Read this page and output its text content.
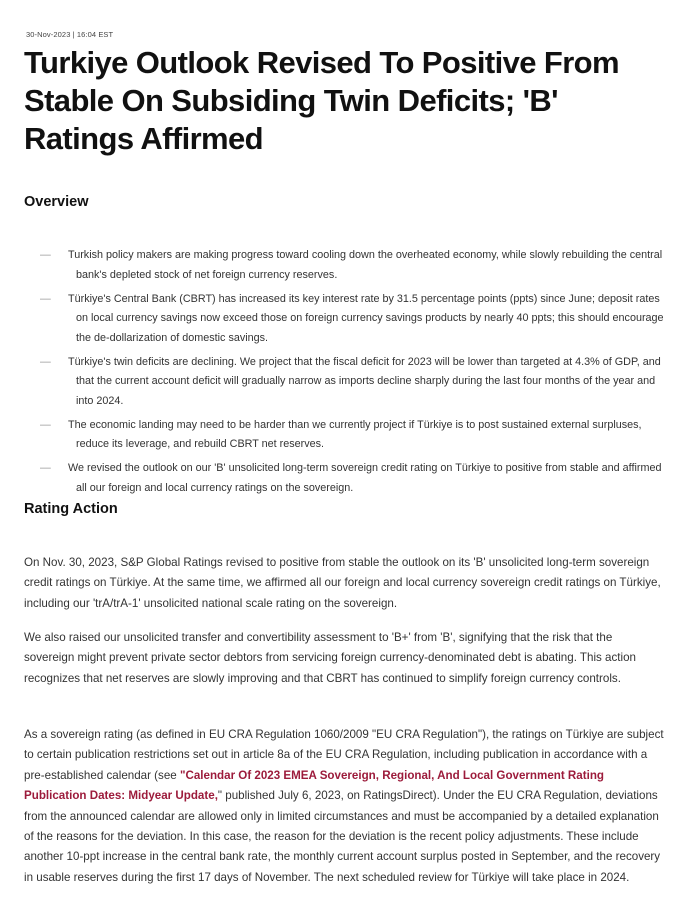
30-Nov-2023 | 16:04 EST
Turkiye Outlook Revised To Positive From Stable On Subsiding Twin Deficits; 'B' Ratings Affirmed
Overview
— Turkish policy makers are making progress toward cooling down the overheated economy, while slowly rebuilding the central bank's depleted stock of net foreign currency reserves.
— Türkiye's Central Bank (CBRT) has increased its key interest rate by 31.5 percentage points (ppts) since June; deposit rates on local currency savings now exceed those on foreign currency savings products by nearly 40 ppts; this should encourage the de-dollarization of domestic savings.
— Türkiye's twin deficits are declining. We project that the fiscal deficit for 2023 will be lower than targeted at 4.3% of GDP, and that the current account deficit will gradually narrow as imports decline sharply during the last four months of the year and into 2024.
— The economic landing may need to be harder than we currently project if Türkiye is to post sustained external surpluses, reduce its leverage, and rebuild CBRT net reserves.
— We revised the outlook on our 'B' unsolicited long-term sovereign credit rating on Türkiye to positive from stable and affirmed all our foreign and local currency ratings on the sovereign.
Rating Action

On Nov. 30, 2023, S&P Global Ratings revised to positive from stable the outlook on its 'B' unsolicited long-term sovereign credit ratings on Türkiye. At the same time, we affirmed all our foreign and local currency sovereign credit ratings on Türkiye, including our 'trA/trA-1' unsolicited national scale rating on the sovereign.

We also raised our unsolicited transfer and convertibility assessment to 'B+' from 'B', signifying that the risk that the sovereign might prevent private sector debtors from servicing foreign currency-denominated debt is abating. This action recognizes that net reserves are slowly improving and that CBRT has continued to simplify foreign currency controls.

As a sovereign rating (as defined in EU CRA Regulation 1060/2009 "EU CRA Regulation"), the ratings on Türkiye are subject to certain publication restrictions set out in article 8a of the EU CRA Regulation, including publication in accordance with a pre-established calendar (see "Calendar Of 2023 EMEA Sovereign, Regional, And Local Government Rating Publication Dates: Midyear Update," published July 6, 2023, on RatingsDirect). Under the EU CRA Regulation, deviations from the announced calendar are allowed only in limited circumstances and must be accompanied by a detailed explanation of the reasons for the deviation. In this case, the reason for the deviation is the recent policy adjustments. These include another 10-ppt increase in the central bank rate, the monthly current account surplus posted in September, and the recovery in usable reserves during the first 17 days of November. The next scheduled review for Türkiye will take place in 2024.
